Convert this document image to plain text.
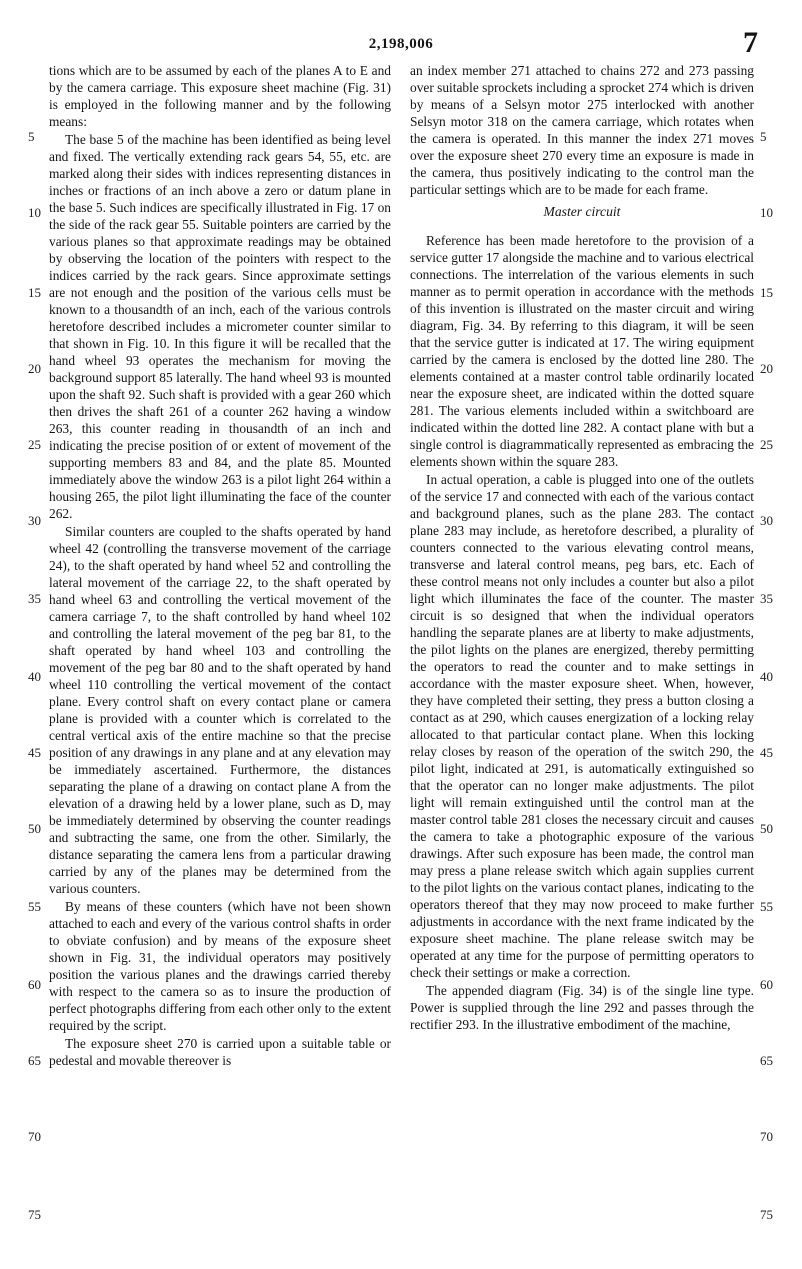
2,198,006	7

tions which are to be assumed by each of the planes A to E and by the camera carriage. This exposure sheet machine (Fig. 31) is employed in the following manner and by the following means:

The base 5 of the machine has been identified as being level and fixed. The vertically extending rack gears 54, 55, etc. are marked along their sides with indices representing distances in inches or fractions of an inch above a zero or datum plane in the base 5. Such indices are specifically illustrated in Fig. 17 on the side of the rack gear 55. Suitable pointers are carried by the various planes so that approximate readings may be obtained by observing the location of the pointers with respect to the indices carried by the rack gears. Since approximate settings are not enough and the position of the various cells must be known to a thousandth of an inch, each of the various controls heretofore described includes a micrometer counter similar to that shown in Fig. 10. In this figure it will be recalled that the hand wheel 93 operates the mechanism for moving the background support 85 laterally. The hand wheel 93 is mounted upon the shaft 92. Such shaft is provided with a gear 260 which then drives the shaft 261 of a counter 262 having a window 263, this counter reading in thousandth of an inch and indicating the precise position of or extent of movement of the supporting members 83 and 84, and the plate 85. Mounted immediately above the window 263 is a pilot light 264 within a housing 265, the pilot light illuminating the face of the counter 262.

Similar counters are coupled to the shafts operated by hand wheel 42 (controlling the transverse movement of the carriage 24), to the shaft operated by hand wheel 52 and controlling the lateral movement of the carriage 22, to the shaft operated by hand wheel 63 and controlling the vertical movement of the camera carriage 7, to the shaft controlled by hand wheel 102 and controlling the lateral movement of the peg bar 81, to the shaft operated by hand wheel 103 and controlling the movement of the peg bar 80 and to the shaft operated by hand wheel 110 controlling the vertical movement of the contact plane. Every control shaft on every contact plane or camera plane is provided with a counter which is correlated to the central vertical axis of the entire machine so that the precise position of any drawings in any plane and at any elevation may be immediately ascertained. Furthermore, the distances separating the plane of a drawing on contact plane A from the elevation of a drawing held by a lower plane, such as D, may be immediately determined by observing the counter readings and subtracting the same, one from the other. Similarly, the distance separating the camera lens from a particular drawing carried by any of the planes may be determined from the various counters.

By means of these counters (which have not been shown attached to each and every of the various control shafts in order to obviate confusion) and by means of the exposure sheet shown in Fig. 31, the individual operators may positively position the various planes and the drawings carried thereby with respect to the camera so as to insure the production of perfect photographs differing from each other only to the extent required by the script.

The exposure sheet 270 is carried upon a suitable table or pedestal and movable thereover is

an index member 271 attached to chains 272 and 273 passing over suitable sprockets including a sprocket 274 which is driven by means of a Selsyn motor 275 interlocked with another Selsyn motor 318 on the camera carriage, which rotates when the camera is operated. In this manner the index 271 moves over the exposure sheet 270 every time an exposure is made in the camera, thus positively indicating to the control man the particular settings which are to be made for each frame.

Master circuit

Reference has been made heretofore to the provision of a service gutter 17 alongside the machine and to various electrical connections. The interrelation of the various elements in such manner as to permit operation in accordance with the methods of this invention is illustrated on the master circuit and wiring diagram, Fig. 34. By referring to this diagram, it will be seen that the service gutter is indicated at 17. The wiring equipment carried by the camera is enclosed by the dotted line 280. The elements contained at a master control table ordinarily located near the exposure sheet, are indicated within the dotted square 281. The various elements included within a switchboard are indicated within the dotted line 282. A contact plane with but a single control is diagrammatically represented as embracing the elements shown within the square 283.

In actual operation, a cable is plugged into one of the outlets of the service 17 and connected with each of the various contact and background planes, such as the plane 283. The contact plane 283 may include, as heretofore described, a plurality of counters connected to the various elevating control means, transverse and lateral control means, peg bars, etc. Each of these control means not only includes a counter but also a pilot light which illuminates the face of the counter. The master circuit is so designed that when the individual operators handling the separate planes are at liberty to make adjustments, the pilot lights on the planes are energized, thereby permitting the operators to read the counter and to make settings in accordance with the master exposure sheet. When, however, they have completed their setting, they press a button closing a contact as at 290, which causes energization of a locking relay allocated to that particular contact plane. When this locking relay closes by reason of the operation of the switch 290, the pilot light, indicated at 291, is automatically extinguished so that the operator can no longer make adjustments. The pilot light will remain extinguished until the control man at the master control table 281 closes the necessary circuit and causes the camera to take a photographic exposure of the various drawings. After such exposure has been made, the control man may press a plane release switch which again supplies current to the pilot lights on the various contact planes, indicating to the operators thereof that they may now proceed to make further adjustments in accordance with the next frame indicated by the exposure sheet machine. The plane release switch may be operated at any time for the purpose of permitting operators to check their settings or make a correction.

The appended diagram (Fig. 34) is of the single line type. Power is supplied through the line 292 and passes through the rectifier 293. In the illustrative embodiment of the machine,

5
10
15
20
25
30
35
40
45
50
55
60
65
70
75
5
10
15
20
25
30
35
40
45
50
55
60
65
70
75
